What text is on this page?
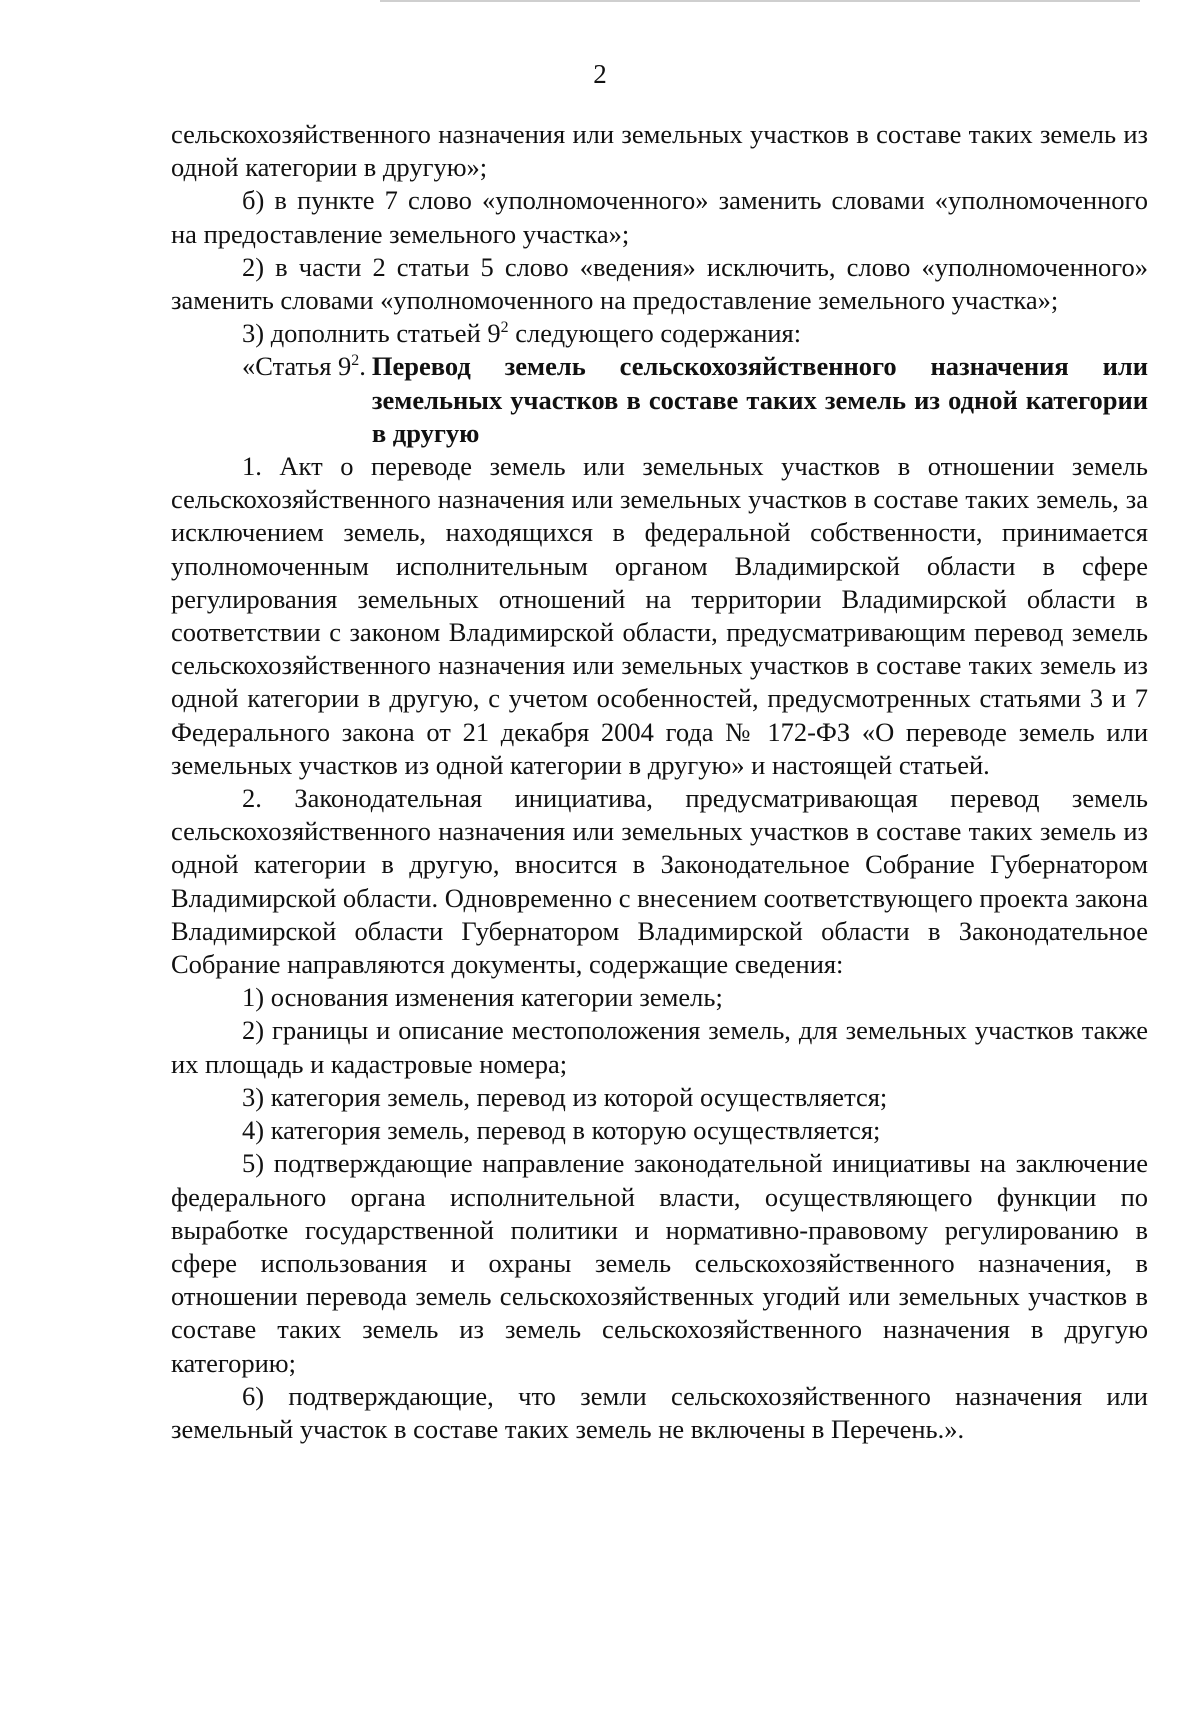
2

сельскохозяйственного назначения или земельных участков в составе таких земель из одной категории в другую»;

б) в пункте 7 слово «уполномоченного» заменить словами «уполномоченного на предоставление земельного участка»;

2) в части 2 статьи 5 слово «ведения» исключить, слово «уполномоченного» заменить словами «уполномоченного на предоставление земельного участка»;

3) дополнить статьей $9^2$ следующего содержания:

«Статья $9^2$. Перевод земель сельскохозяйственного назначения или земельных участков в составе таких земель из одной категории в другую

1. Акт о переводе земель или земельных участков в отношении земель сельскохозяйственного назначения или земельных участков в составе таких земель, за исключением земель, находящихся в федеральной собственности, принимается уполномоченным исполнительным органом Владимирской области в сфере регулирования земельных отношений на территории Владимирской области в соответствии с законом Владимирской области, предусматривающим перевод земель сельскохозяйственного назначения или земельных участков в составе таких земель из одной категории в другую, с учетом особенностей, предусмотренных статьями 3 и 7 Федерального закона от 21 декабря 2004 года № 172-ФЗ «О переводе земель или земельных участков из одной категории в другую» и настоящей статьей.

2. Законодательная инициатива, предусматривающая перевод земель сельскохозяйственного назначения или земельных участков в составе таких земель из одной категории в другую, вносится в Законодательное Собрание Губернатором Владимирской области. Одновременно с внесением соответствующего проекта закона Владимирской области Губернатором Владимирской области в Законодательное Собрание направляются документы, содержащие сведения:

1) основания изменения категории земель;

2) границы и описание местоположения земель, для земельных участков также их площадь и кадастровые номера;

3) категория земель, перевод из которой осуществляется;

4) категория земель, перевод в которую осуществляется;

5) подтверждающие направление законодательной инициативы на заключение федерального органа исполнительной власти, осуществляющего функции по выработке государственной политики и нормативно-правовому регулированию в сфере использования и охраны земель сельскохозяйственного назначения, в отношении перевода земель сельскохозяйственных угодий или земельных участков в составе таких земель из земель сельскохозяйственного назначения в другую категорию;

6) подтверждающие, что земли сельскохозяйственного назначения или земельный участок в составе таких земель не включены в Перечень.».
